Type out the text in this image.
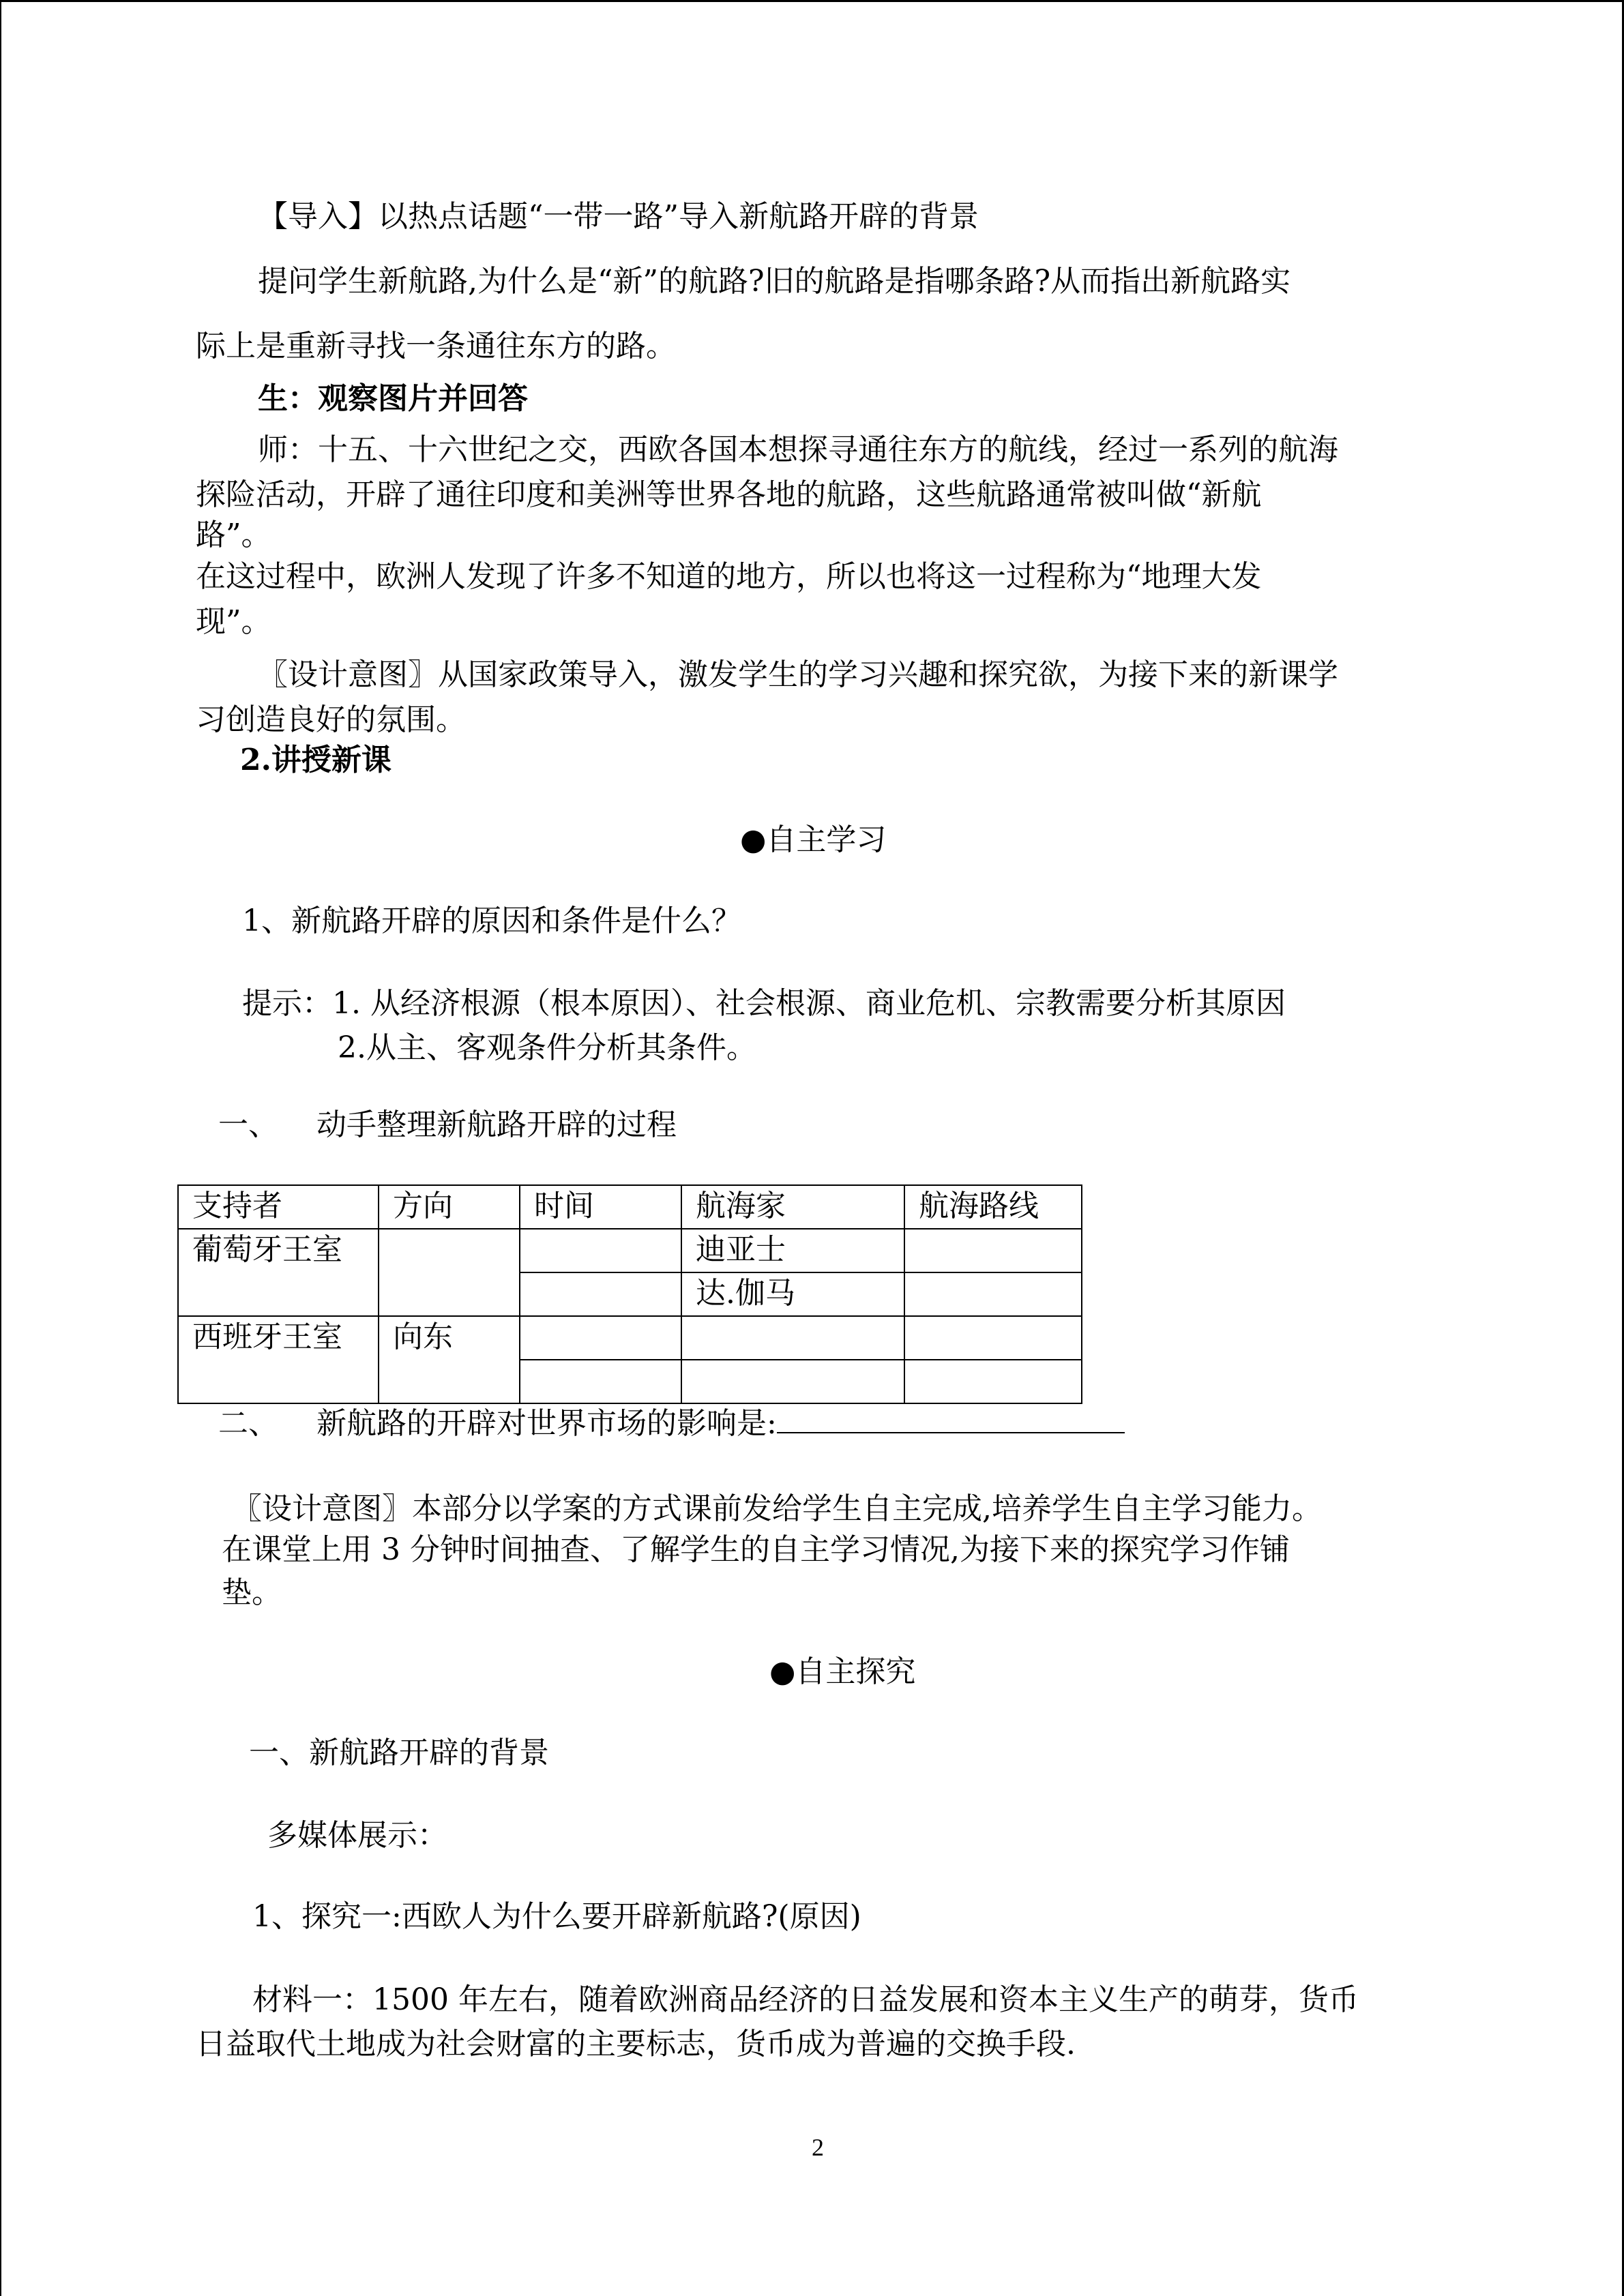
【导入】以热点话题“一带一路”导入新航路开辟的背景
提问学生新航路,为什么是“新”的航路?旧的航路是指哪条路?从而指出新航路实
际上是重新寻找一条通往东方的路。
生：观察图片并回答
师：十五、十六世纪之交，西欧各国本想探寻通往东方的航线，经过一系列的航海
探险活动，开辟了通往印度和美洲等世界各地的航路，这些航路通常被叫做“新航
路”。
在这过程中，欧洲人发现了许多不知道的地方，所以也将这一过程称为“地理大发
现”。
〖设计意图〗从国家政策导入，激发学生的学习兴趣和探究欲，为接下来的新课学
习创造良好的氛围。
2.讲授新课
●自主学习
1、新航路开辟的原因和条件是什么？
提示：1. 从经济根源（根本原因）、社会根源、商业危机、宗教需要分析其原因
2.从主、客观条件分析其条件。
一、    动手整理新航路开辟的过程
支持者	方向	时间	航海家	航海路线
葡萄牙王室			迪亚士	
			达.伽马	
西班牙王室	向东			

二、    新航路的开辟对世界市场的影响是:
〖设计意图〗本部分以学案的方式课前发给学生自主完成,培养学生自主学习能力。
在课堂上用 3 分钟时间抽查、了解学生的自主学习情况,为接下来的探究学习作铺
垫。
●自主探究
一、新航路开辟的背景
多媒体展示：
1、探究一:西欧人为什么要开辟新航路?(原因)
材料一：1500 年左右，随着欧洲商品经济的日益发展和资本主义生产的萌芽，货币
日益取代土地成为社会财富的主要标志，货币成为普遍的交换手段.
2
